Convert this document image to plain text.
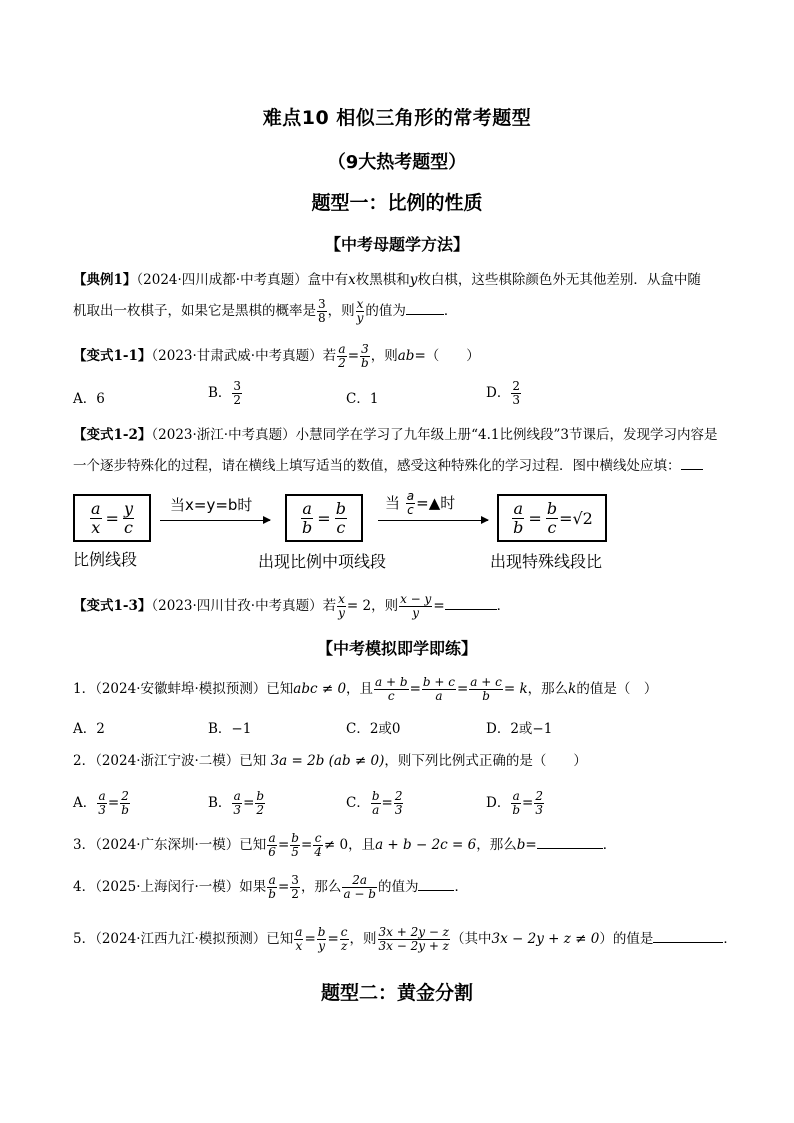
难点10 相似三角形的常考题型
（9大热考题型）
题型一：比例的性质
【中考母题学方法】
【典例1】（2024·四川成都·中考真题）盒中有x枚黑棋和y枚白棋，这些棋除颜色外无其他差别．从盒中随
机取出一枚棋子，如果它是黑棋的概率是 $\frac{3}{8}$ ，则 $\frac{x}{y}$ 的值为	．
【变式1-1】（2023·甘肃武威·中考真题）若 $\frac{a}{2} = \frac{3}{b}$ ，则ab=（　　）
A．6	B． $\frac{3}{2}$	C．1	D． $\frac{2}{3}$
【变式1-2】（2023·浙江·中考真题）小慧同学在学习了九年级上册“4.1比例线段”3节课后，发现学习内容是
一个逐步特殊化的过程，请在横线上填写适当的数值，感受这种特殊化的学习过程．图中横线处应填：
$\frac{a}{x} = \frac{y}{c}$ 当x=y=b时	$\frac{a}{b} = \frac{b}{c}$	当 $\frac{a}{c}$ =▲时	$\frac{a}{b} = \frac{b}{c} =√2$
比例线段	出现比例中项线段	出现特殊线段比
【变式1-3】（2023·四川甘孜·中考真题）若 $\frac{x}{y} = 2$，则 $\frac{x - y}{y}$ =	．
【中考模拟即学即练】
1．（2024·安徽蚌埠·模拟预测）已知abc ≠ 0，且 $\frac{a + b}{c} = \frac{b + c}{a} = \frac{a + c}{b} = k$，那么k的值是（　）
A．2	B．−1	C．2或0	D．2或−1
2．（2024·浙江宁波·二模）已知 3a = 2b (ab ≠ 0)，则下列比例式正确的是（　　）
A． $\frac{a}{3} = \frac{2}{b}$	B． $\frac{a}{3} = \frac{b}{2}$	C． $\frac{b}{a} = \frac{2}{3}$	D． $\frac{a}{b} = \frac{2}{3}$
3．（2024·广东深圳·一模）已知 $\frac{a}{6} = \frac{b}{5} = \frac{c}{4} \ne 0$，且a + b − 2c = 6，那么b=	．
4．（2025·上海闵行·一模）如果 $\frac{a}{b} = \frac{3}{2}$ ，那么 $\frac{2a}{a - b}$ 的值为	．
5．（2024·江西九江·模拟预测）已知 $\frac{a}{x} = \frac{b}{y} = \frac{c}{z}$ ，则 $\frac{3x + 2y - z}{3x - 2y + z}$ （其中3x − 2y + z ≠ 0）的值是	．
题型二：黄金分割
